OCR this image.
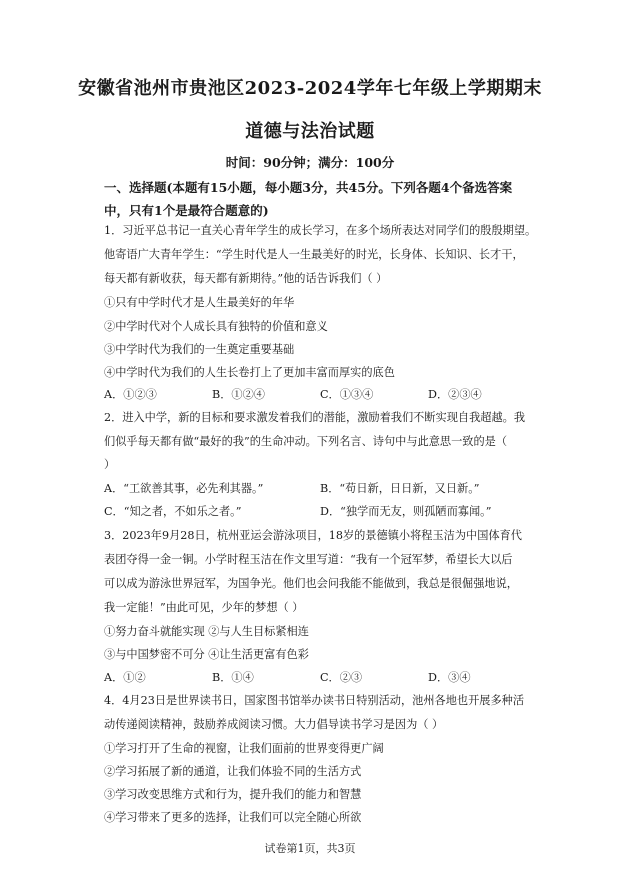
安徽省池州市贵池区2023-2024学年七年级上学期期末
道德与法治试题
时间：90分钟；满分：100分
一、选择题(本题有15小题，每小题3分，共45分。下列各题4个备选答案
中，只有1个是最符合题意的)
1．习近平总书记一直关心青年学生的成长学习，在多个场所表达对同学们的殷殷期望。
他寄语广大青年学生：“学生时代是人一生最美好的时光，长身体、长知识、长才干，
每天都有新收获，每天都有新期待。”他的话告诉我们（ ）
①只有中学时代才是人生最美好的年华
②中学时代对个人成长具有独特的价值和意义
③中学时代为我们的一生奠定重要基础
④中学时代为我们的人生长卷打上了更加丰富而厚实的底色
A．①②③	B．①②④	C．①③④	D．②③④
2．进入中学，新的目标和要求激发着我们的潜能，激励着我们不断实现自我超越。我
们似乎每天都有做“最好的我”的生命冲动。下列名言、诗句中与此意思一致的是（
）
A．“工欲善其事，必先利其器。”	B．“苟日新，日日新，又日新。”
C．“知之者，不如乐之者。”	D．“独学而无友，则孤陋而寡闻。”
3．2023年9月28日，杭州亚运会游泳项目，18岁的景德镇小将程玉洁为中国体育代
表团夺得一金一铜。小学时程玉洁在作文里写道：“我有一个冠军梦，希望长大以后
可以成为游泳世界冠军，为国争光。他们也会问我能不能做到，我总是很倔强地说，
我一定能！”由此可见，少年的梦想（ ）
①努力奋斗就能实现 ②与人生目标紧相连
③与中国梦密不可分 ④让生活更富有色彩
A．①②	B．①④	C．②③	D．③④
4．4月23日是世界读书日，国家图书馆举办读书日特别活动，池州各地也开展多种活
动传递阅读精神，鼓励养成阅读习惯。大力倡导读书学习是因为（ ）
①学习打开了生命的视窗，让我们面前的世界变得更广阔
②学习拓展了新的通道，让我们体验不同的生活方式
③学习改变思维方式和行为，提升我们的能力和智慧
④学习带来了更多的选择，让我们可以完全随心所欲
试卷第1页，共3页
